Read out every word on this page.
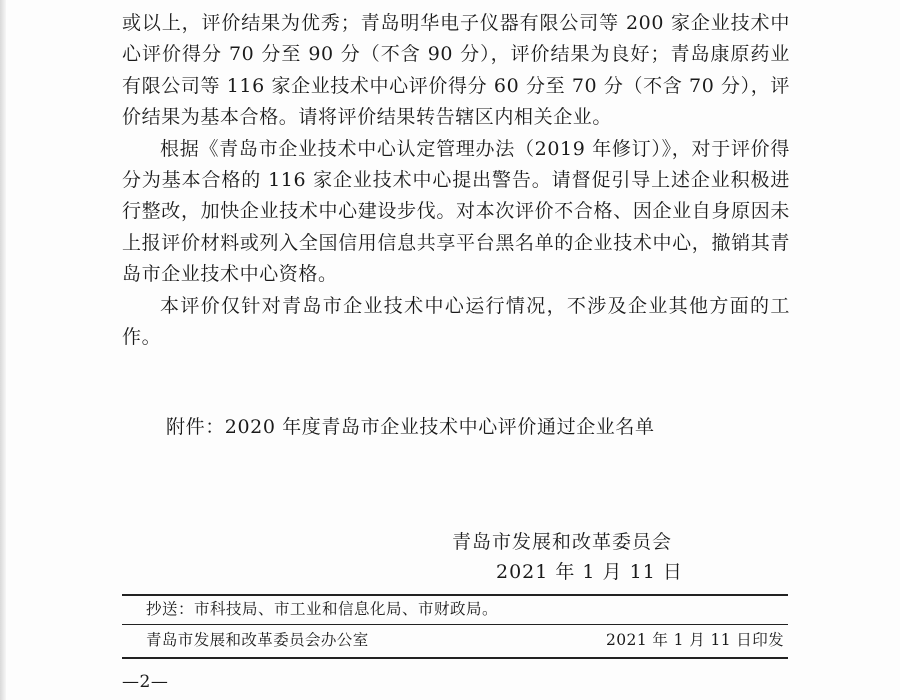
或以上，评价结果为优秀；青岛明华电子仪器有限公司等 200 家企业技术中心评价得分 70 分至 90 分（不含 90 分），评价结果为良好；青岛康原药业有限公司等 116 家企业技术中心评价得分 60 分至 70 分（不含 70 分），评价结果为基本合格。请将评价结果转告辖区内相关企业。

根据《青岛市企业技术中心认定管理办法（2019 年修订）》，对于评价得分为基本合格的 116 家企业技术中心提出警告。请督促引导上述企业积极进行整改，加快企业技术中心建设步伐。对本次评价不合格、因企业自身原因未上报评价材料或列入全国信用信息共享平台黑名单的企业技术中心，撤销其青岛市企业技术中心资格。

本评价仅针对青岛市企业技术中心运行情况，不涉及企业其他方面的工作。

附件：2020 年度青岛市企业技术中心评价通过企业名单
青岛市发展和改革委员会
2021 年 1 月 11 日
抄送：市科技局、市工业和信息化局、市财政局。
青岛市发展和改革委员会办公室	2021 年 1 月 11 日印发
—2—
